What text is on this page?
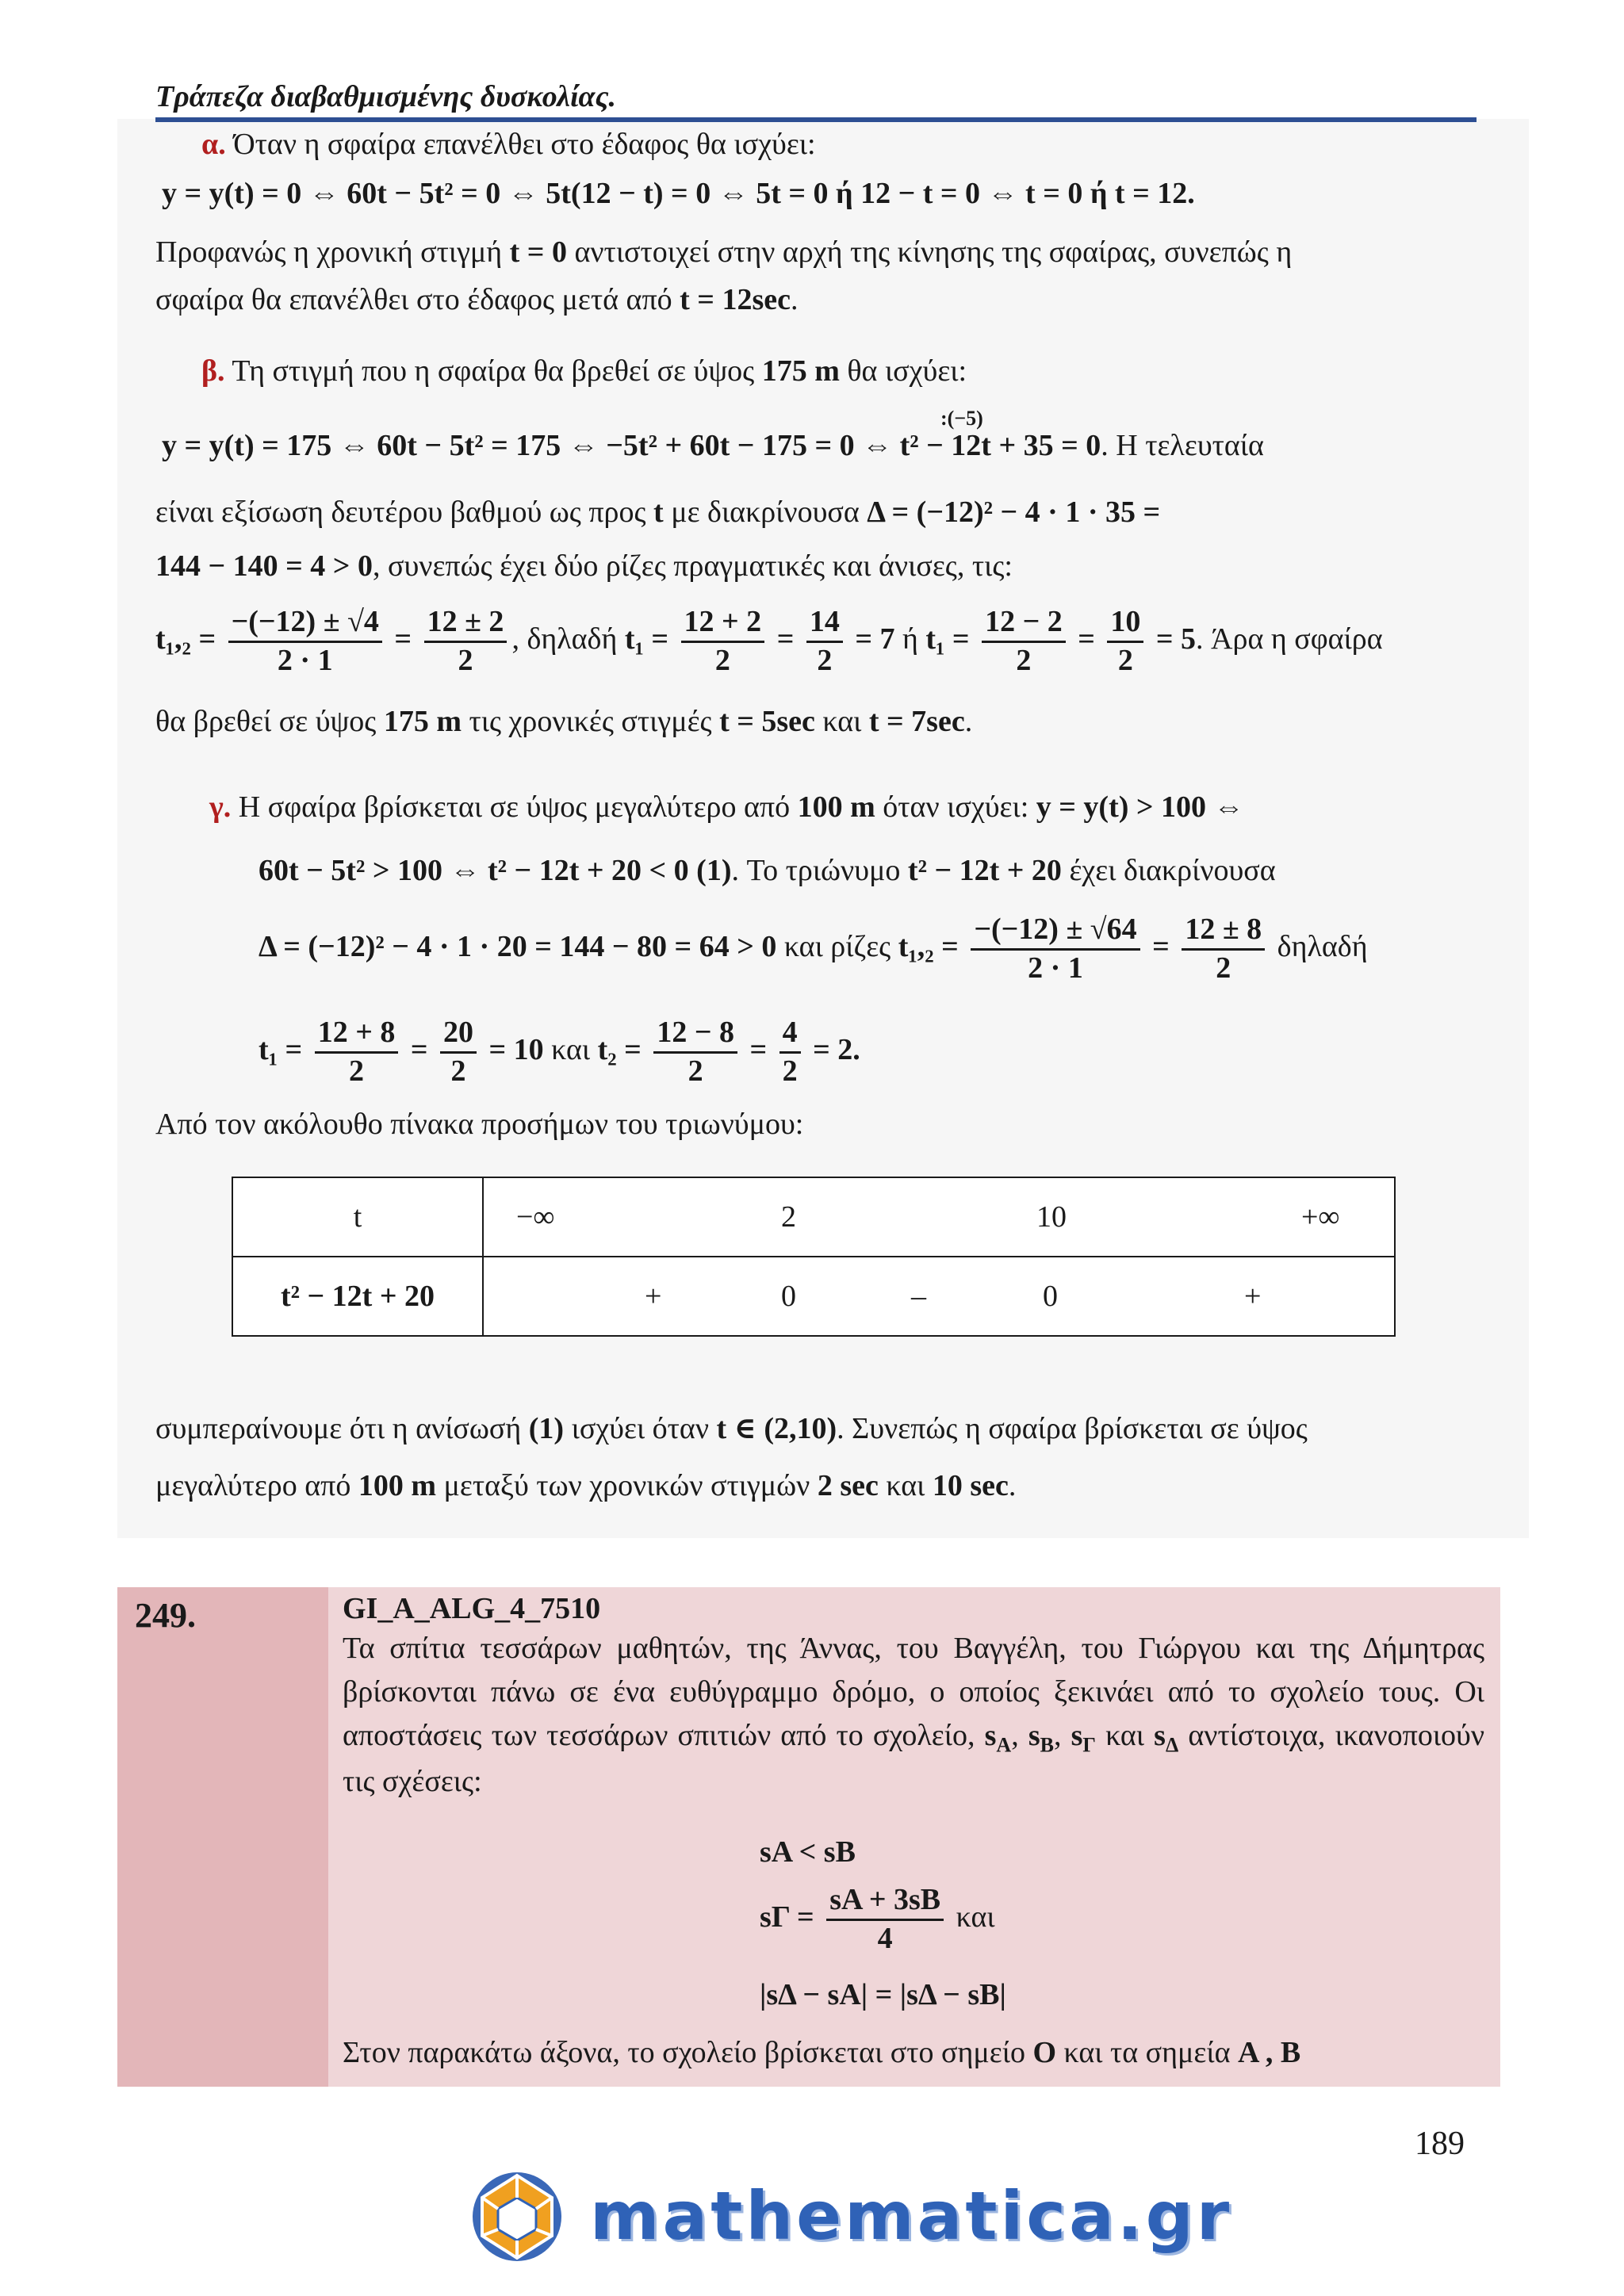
Τράπεζα διαβαθμισμένης δυσκολίας.
α. Όταν η σφαίρα επανέλθει στο έδαφος θα ισχύει:
y = y(t) = 0 ⇔ 60t − 5t² = 0 ⇔ 5t(12 − t) = 0 ⇔ 5t = 0 ή 12 − t = 0 ⇔ t = 0 ή t = 12.
Προφανώς η χρονική στιγμή t = 0 αντιστοιχεί στην αρχή της κίνησης της σφαίρας, συνεπώς η
σφαίρα θα επανέλθει στο έδαφος μετά από t = 12sec.
β. Τη στιγμή που η σφαίρα θα βρεθεί σε ύψος 175 m θα ισχύει:
:(−5)
y = y(t) = 175 ⇔ 60t − 5t² = 175 ⇔ −5t² + 60t − 175 = 0 ⇔ t² − 12t + 35 = 0. Η τελευταία
είναι εξίσωση δευτέρου βαθμού ως προς t με διακρίνουσα Δ = (−12)² − 4 · 1 · 35 =
144 − 140 = 4 > 0, συνεπώς έχει δύο ρίζες πραγματικές και άνισες, τις:
$t_1,_2 = \frac{-(-12) \pm √4}{2 \cdot 1} = \frac{12 \pm 2}{2}$ , δηλαδή $t_1 = \frac{12 + 2}{2} = \frac{14}{2} = 7$ ή $t_1 = \frac{12 - 2}{2} = \frac{10}{2} = 5$. Άρα η σφαίρα
θα βρεθεί σε ύψος 175 m τις χρονικές στιγμές t = 5sec και t = 7sec.
γ. Η σφαίρα βρίσκεται σε ύψος μεγαλύτερο από 100 m όταν ισχύει: y = y(t) > 100 ⇔
60t − 5t² > 100 ⇔ t² − 12t + 20 < 0 (1). Το τριώνυμο t² − 12t + 20 έχει διακρίνουσα
Δ = (−12)² − 4 · 1 · 20 = 144 − 80 = 64 > 0 και ρίζες $t_1,_2 = \frac{-(-12) \pm √64}{2 \cdot 1} = \frac{12 \pm 8}{2}$ δηλαδή
$t_1 = \frac{12 + 8}{2} = \frac{20}{2} = 10$ και $t_2 = \frac{12 - 8}{2} = \frac{4}{2} = 2$.
Από τον ακόλουθο πίνακα προσήμων του τριωνύμου:
t	−∞ 2 10 +∞

t² − 12t + 20	+ 0 – 0 +
συμπεραίνουμε ότι η ανίσωσή (1) ισχύει όταν t ∈ (2,10). Συνεπώς η σφαίρα βρίσκεται σε ύψος
μεγαλύτερο από 100 m μεταξύ των χρονικών στιγμών 2 sec και 10 sec.
249.	GI_A_ALG_4_7510
Τα σπίτια τεσσάρων μαθητών, της Άννας, του Βαγγέλη, του Γιώργου και της Δήμητρας βρίσκονται πάνω σε ένα ευθύγραμμο δρόμο, ο οποίος ξεκινάει από το σχολείο τους. Οι αποστάσεις των τεσσάρων σπιτιών από το σχολείο, $s_A$, $s_B$, $s_\Gamma$ και $s_\Delta$ αντίστοιχα, ικανοποιούν τις σχέσεις:
sA < sB
$s\Gamma = \frac{sA + 3sB}{4}$ και
|sΔ − sA| = |sΔ − sB|
Στον παρακάτω άξονα, το σχολείο βρίσκεται στο σημείο O και τα σημεία A , B
189
mathematica.gr
